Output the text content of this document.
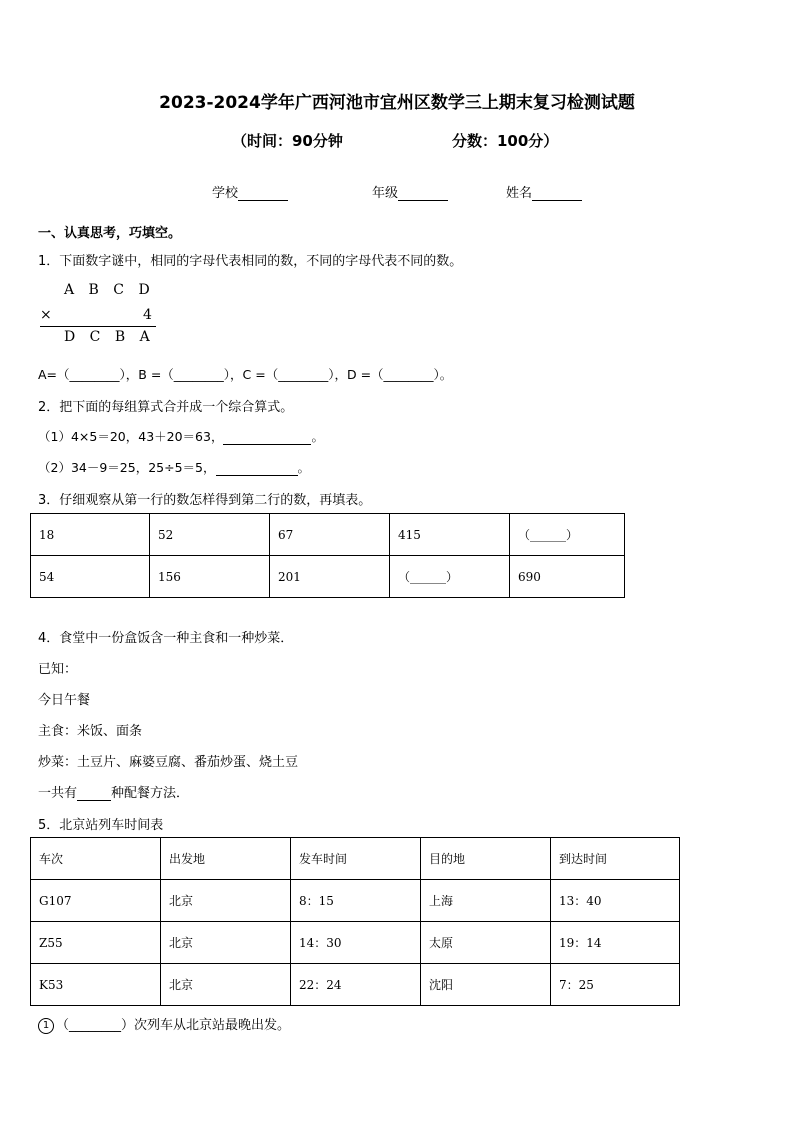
2023-2024学年广西河池市宜州区数学三上期末复习检测试题
（时间：90分钟	分数：100分）
学校	年级	姓名
一、认真思考，巧填空。
1．下面数字谜中，相同的字母代表相同的数，不同的字母代表不同的数。
A B C D
×	4
D C B A
A=（________），B =（________），C =（________），D =（________）。
2．把下面的每组算式合并成一个综合算式。
（1）4×5＝20，43＋20＝63，	。
（2）34－9＝25，25÷5＝5，	。
3．仔细观察从第一行的数怎样得到第二行的数，再填表。
18	52	67	415	（______）
54	156	201	（______）	690
4．食堂中一份盒饭含一种主食和一种炒菜．
已知：
今日午餐
主食：米饭、面条
炒菜：土豆片、麻婆豆腐、番茄炒蛋、烧土豆
一共有	种配餐方法．
5．北京站列车时间表
车次	出发地	发车时间	目的地	到达时间
G107	北京	8：15	上海	13：40
Z55	北京	14：30	太原	19：14
K53	北京	22：24	沈阳	7：25
1 （________）次列车从北京站最晚出发。
